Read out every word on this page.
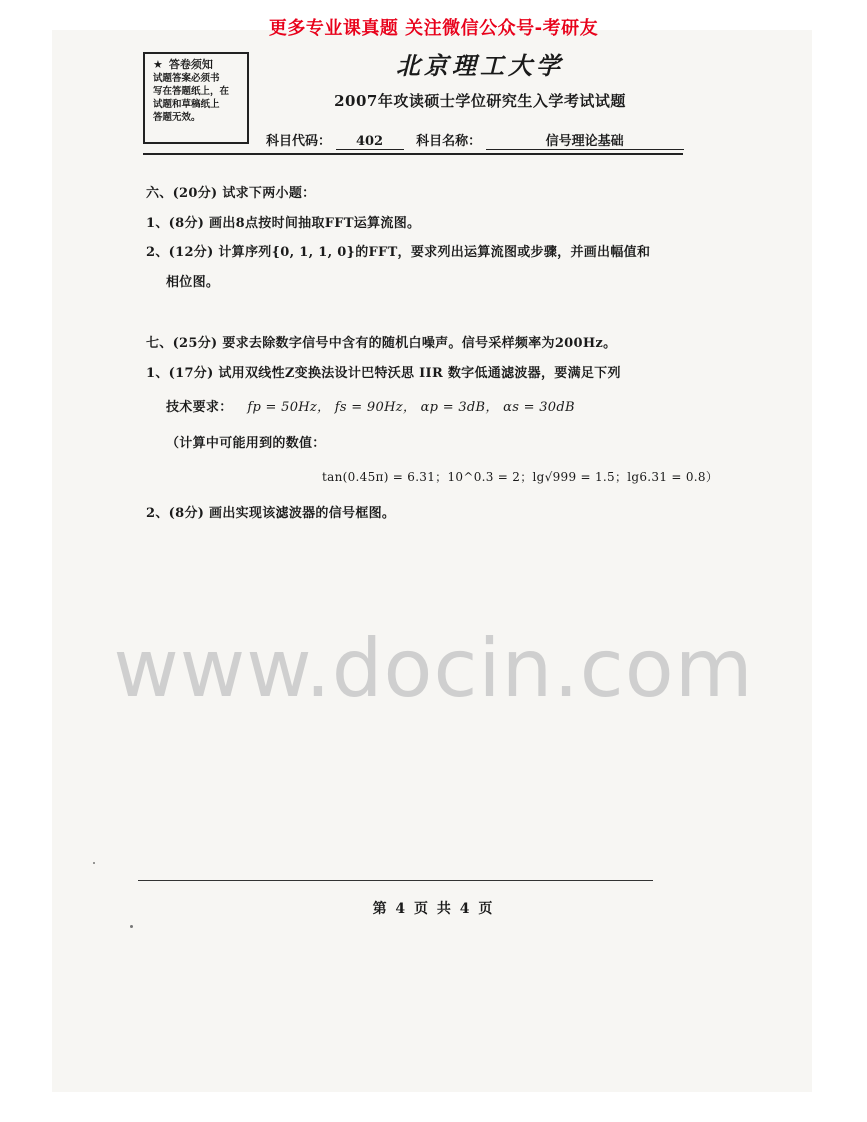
更多专业课真题 关注微信公众号-考研友
★ 答卷须知
试题答案必须书
写在答题纸上，在
试题和草稿纸上
答题无效。
北京理工大学
2007年攻读硕士学位研究生入学考试试题
科目代码： 402	科目名称：	信号理论基础
六、(20分) 试求下两小题：
1、(8分) 画出8点按时间抽取FFT运算流图。
2、(12分) 计算序列{0, 1, 1, 0}的FFT，要求列出运算流图或步骤，并画出幅值和
相位图。
七、(25分) 要求去除数字信号中含有的随机白噪声。信号采样频率为200Hz。
1、(17分) 试用双线性Z变换法设计巴特沃思 IIR 数字低通滤波器，要满足下列
技术要求： fp = 50Hz， fs = 90Hz， αp = 3dB， αs = 30dB
（计算中可能用到的数值：
tan(0.45π) = 6.31；10^0.3 = 2；lg√999 = 1.5；lg6.31 = 0.8）
2、(8分) 画出实现该滤波器的信号框图。
www.docin.com
第 4 页 共 4 页
